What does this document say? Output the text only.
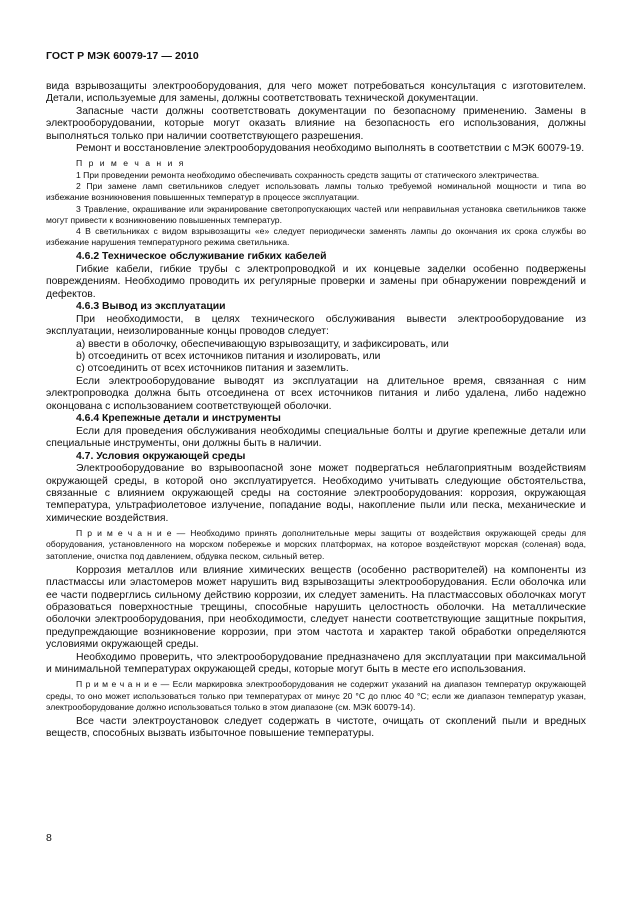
ГОСТ Р МЭК 60079-17 — 2010

вида взрывозащиты электрооборудования, для чего может потребоваться консультация с изготовителем. Детали, используемые для замены, должны соответствовать технической документации.

Запасные части должны соответствовать документации по безопасному применению. Замены в электрооборудовании, которые могут оказать влияние на безопасность его использования, должны выполняться только при наличии соответствующего разрешения.

Ремонт и восстановление электрооборудования необходимо выполнять в соответствии с МЭК 60079-19.

П р и м е ч а н и я

1 При проведении ремонта необходимо обеспечивать сохранность средств защиты от статического электричества.

2 При замене ламп светильников следует использовать лампы только требуемой номинальной мощности и типа во избежание возникновения повышенных температур в процессе эксплуатации.

3 Травление, окрашивание или экранирование светопропускающих частей или неправильная установка светильников также могут привести к возникновению повышенных температур.

4 В светильниках с видом взрывозащиты «е» следует периодически заменять лампы до окончания их срока службы во избежание нарушения температурного режима светильника.

4.6.2 Техническое обслуживание гибких кабелей

Гибкие кабели, гибкие трубы с электропроводкой и их концевые заделки особенно подвержены повреждениям. Необходимо проводить их регулярные проверки и замены при обнаружении повреждений и дефектов.

4.6.3 Вывод из эксплуатации

При необходимости, в целях технического обслуживания вывести электрооборудование из эксплуатации, неизолированные концы проводов следует:

а) ввести в оболочку, обеспечивающую взрывозащиту, и зафиксировать, или

b) отсоединить от всех источников питания и изолировать, или

с) отсоединить от всех источников питания и заземлить.

Если электрооборудование выводят из эксплуатации на длительное время, связанная с ним электропроводка должна быть отсоединена от всех источников питания и либо удалена, либо надежно оконцована с использованием соответствующей оболочки.

4.6.4 Крепежные детали и инструменты

Если для проведения обслуживания необходимы специальные болты и другие крепежные детали или специальные инструменты, они должны быть в наличии.

4.7. Условия окружающей среды

Электрооборудование во взрывоопасной зоне может подвергаться неблагоприятным воздействиям окружающей среды, в которой оно эксплуатируется. Необходимо учитывать следующие обстоятельства, связанные с влиянием окружающей среды на состояние электрооборудования: коррозия, окружающая температура, ультрафиолетовое излучение, попадание воды, накопление пыли или песка, механические и химические воздействия.

П р и м е ч а н и е — Необходимо принять дополнительные меры защиты от воздействия окружающей среды для оборудования, установленного на морском побережье и морских платформах, на которое воздействуют морская (соленая) вода, затопление, очистка под давлением, обдувка песком, сильный ветер.

Коррозия металлов или влияние химических веществ (особенно растворителей) на компоненты из пластмассы или эластомеров может нарушить вид взрывозащиты электрооборудования. Если оболочка или ее части подверглись сильному действию коррозии, их следует заменить. На пластмассовых оболочках могут образоваться поверхностные трещины, способные нарушить целостность оболочки. На металлические оболочки электрооборудования, при необходимости, следует нанести соответствующие защитные покрытия, предупреждающие возникновение коррозии, при этом частота и характер такой обработки определяются условиями окружающей среды.

Необходимо проверить, что электрооборудование предназначено для эксплуатации при максимальной и минимальной температурах окружающей среды, которые могут быть в месте его использования.

П р и м е ч а н и е — Если маркировка электрооборудования не содержит указаний на диапазон температур окружающей среды, то оно может использоваться только при температурах от минус 20 °С до плюс 40 °С; если же диапазон температур указан, электрооборудование должно использоваться только в этом диапазоне (см. МЭК 60079-14).

Все части электроустановок следует содержать в чистоте, очищать от скоплений пыли и вредных веществ, способных вызвать избыточное повышение температуры.

8
